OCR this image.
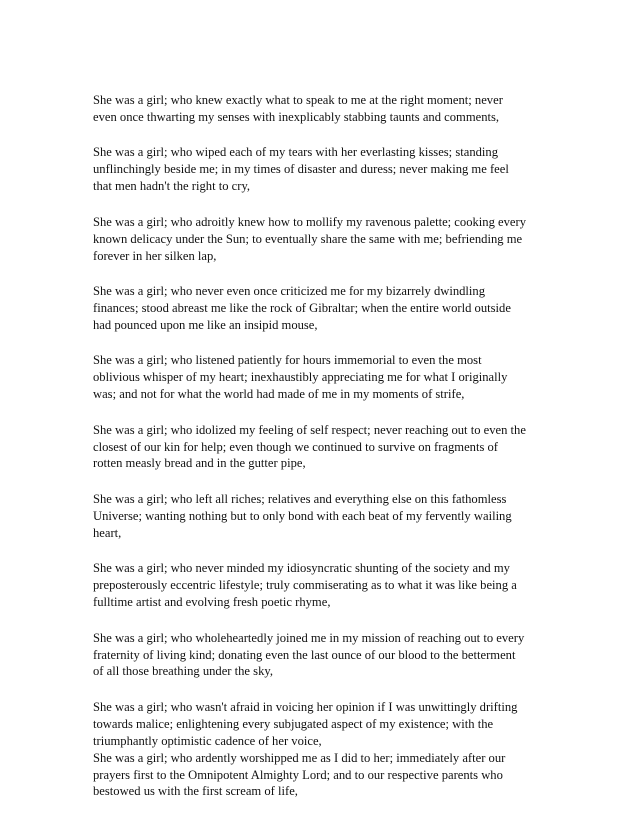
She was a girl; who knew exactly what to speak to me at the right moment; never
even once thwarting my senses with inexplicably stabbing taunts and comments,
She was a girl; who wiped each of my tears with her everlasting kisses; standing
unflinchingly beside me; in my times of disaster and duress; never making me feel
that men hadn't the right to cry,
She was a girl; who adroitly knew how to mollify my ravenous palette; cooking every
known delicacy under the Sun; to eventually share the same with me; befriending me
forever in her silken lap,
She was a girl; who never even once criticized me for my bizarrely dwindling
finances; stood abreast me like the rock of Gibraltar; when the entire world outside
had pounced upon me like an insipid mouse,
She was a girl; who listened patiently for hours immemorial to even the most
oblivious whisper of my heart; inexhaustibly appreciating me for what I originally
was; and not for what the world had made of me in my moments of strife,
She was a girl; who idolized my feeling of self respect; never reaching out to even the
closest of our kin for help; even though we continued to survive on fragments of
rotten measly bread and in the gutter pipe,
She was a girl; who left all riches; relatives and everything else on this fathomless
Universe; wanting nothing but to only bond with each beat of my fervently wailing
heart,
She was a girl; who never minded my idiosyncratic shunting of the society and my
preposterously eccentric lifestyle; truly commiserating as to what it was like being a
fulltime artist and evolving fresh poetic rhyme,
She was a girl; who wholeheartedly joined me in my mission of reaching out to every
fraternity of living kind; donating even the last ounce of our blood to the betterment
of all those breathing under the sky,
She was a girl; who wasn't afraid in voicing her opinion if I was unwittingly drifting
towards malice; enlightening every subjugated aspect of my existence; with the
triumphantly optimistic cadence of her voice,
She was a girl; who ardently worshipped me as I did to her; immediately after our
prayers first to the Omnipotent Almighty Lord; and to our respective parents who
bestowed us with the first scream of life,
